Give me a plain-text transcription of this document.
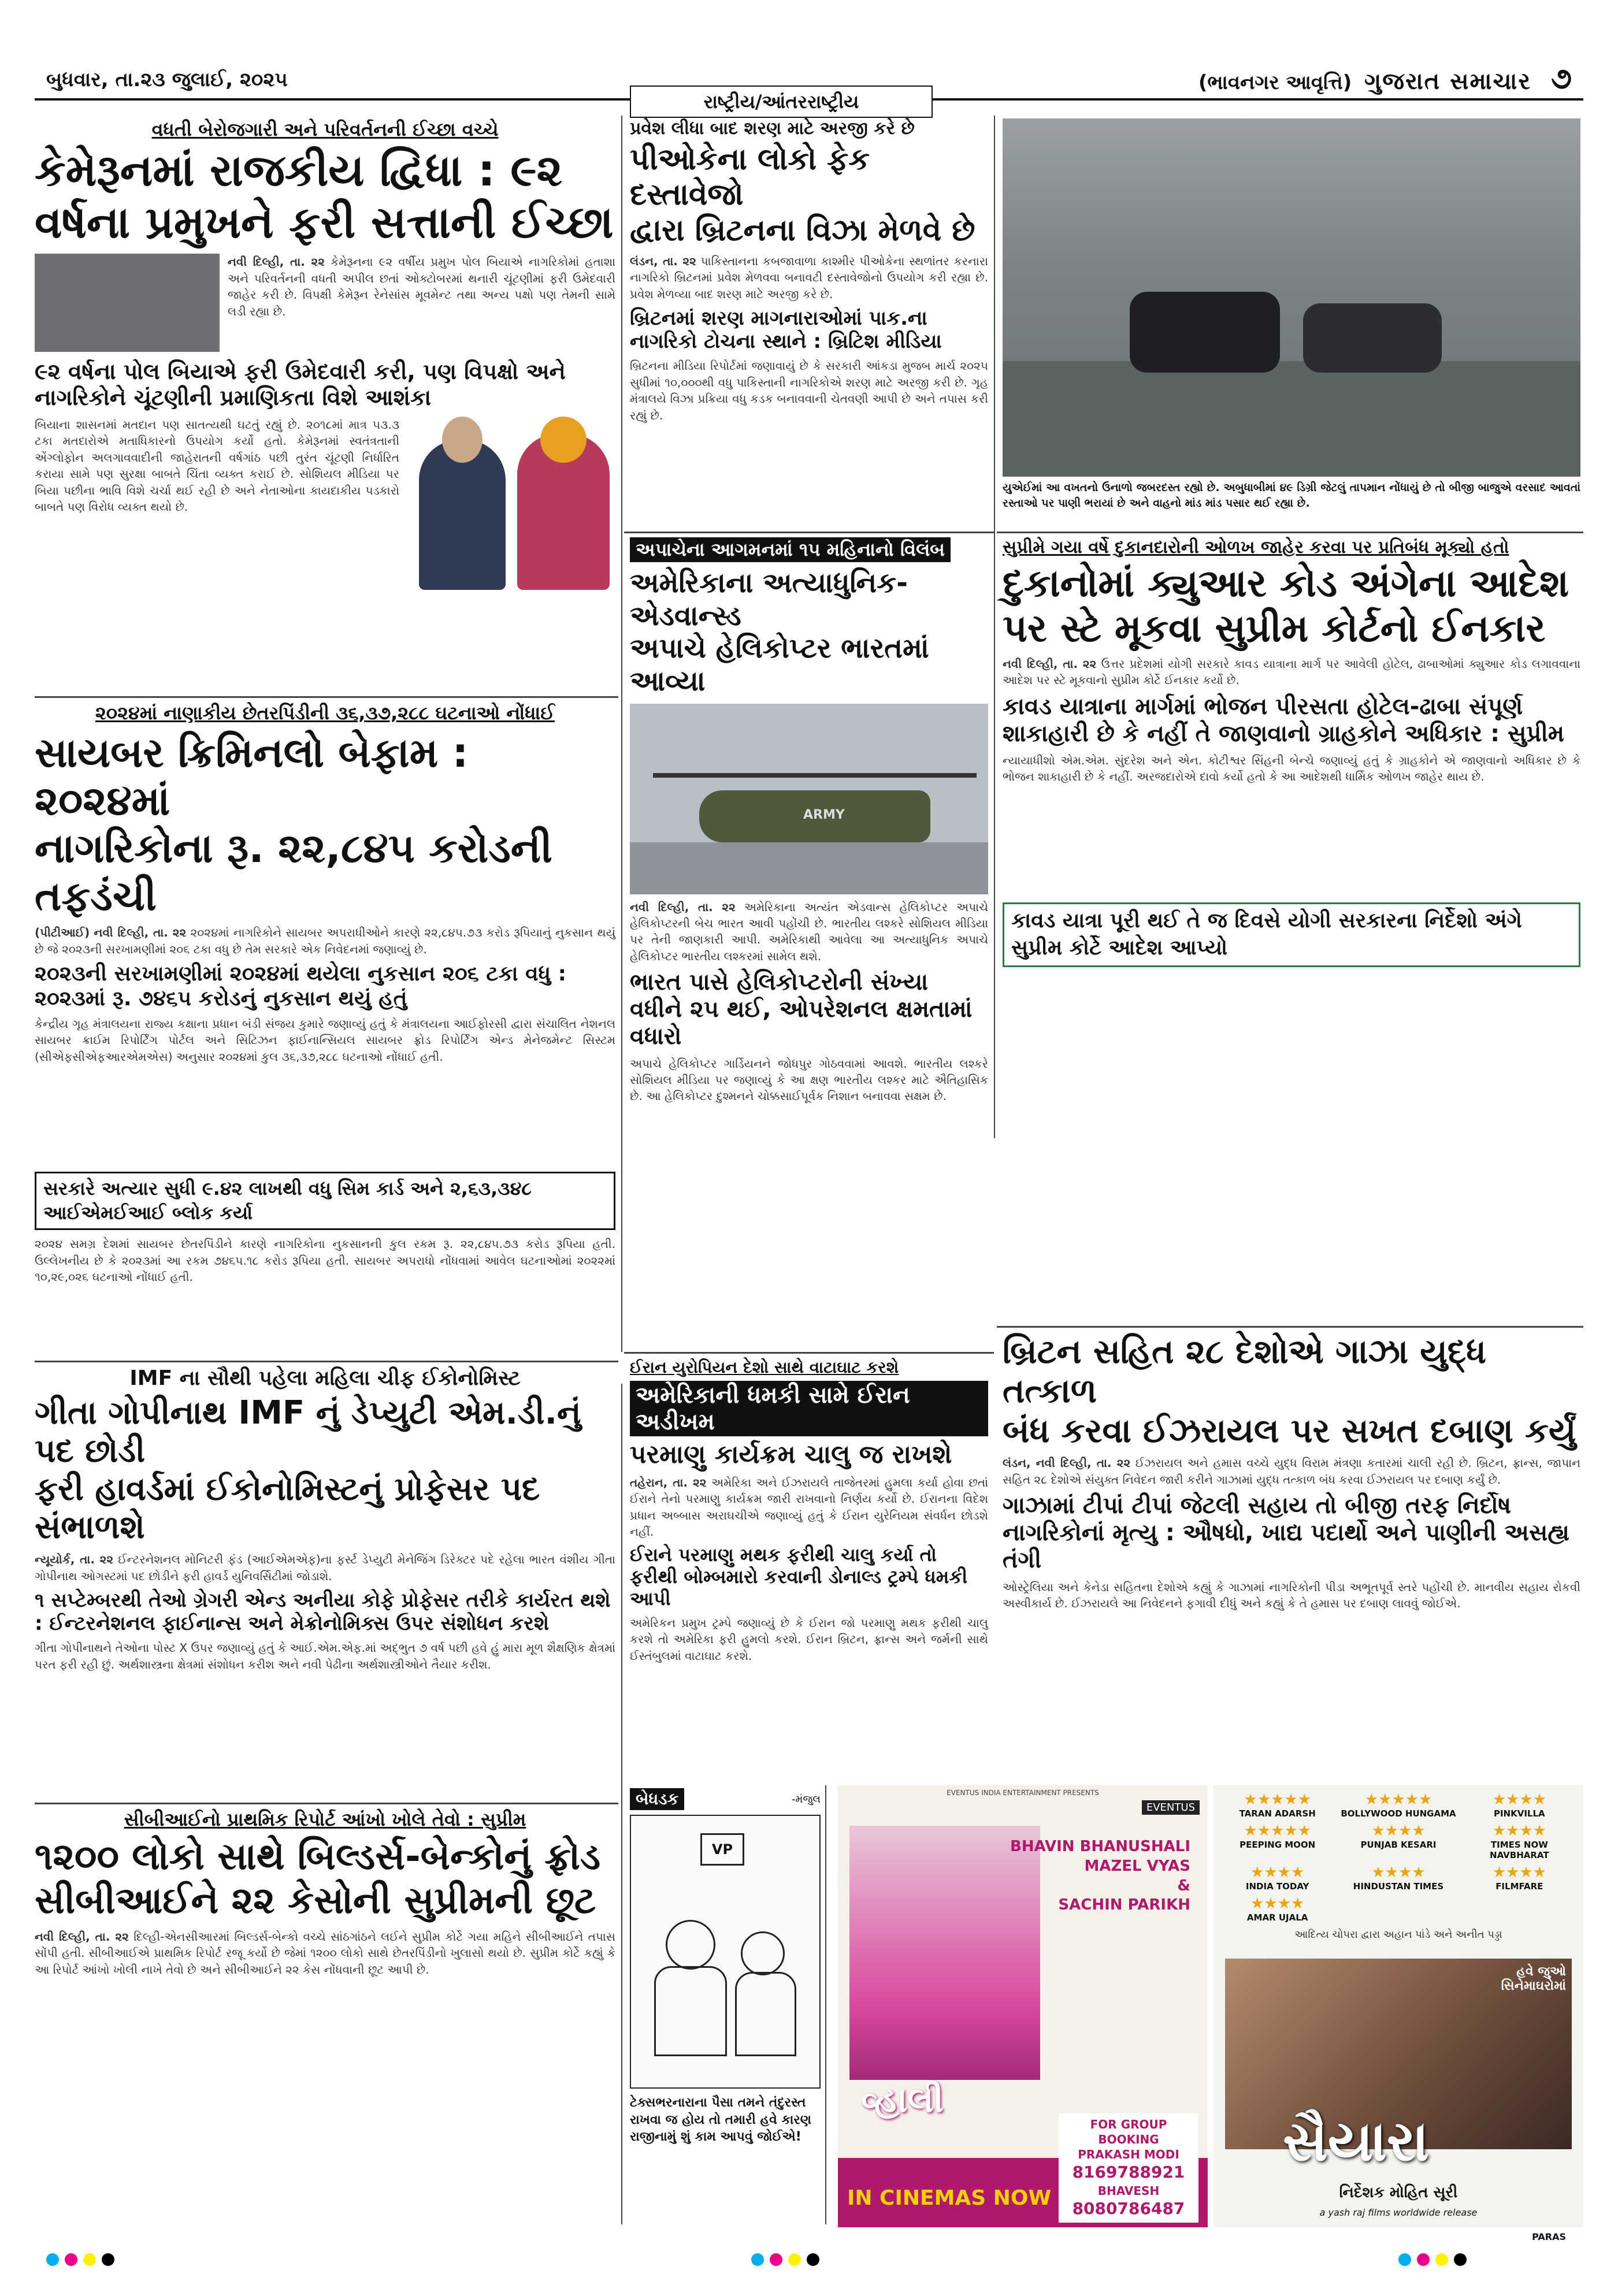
બુધવાર, તા.૨૩ જુલાઈ, ૨૦૨૫	(ભાવનગર આવૃત્તિ) ગુજરાત સમાચાર ૭
રાષ્ટ્રીય/આંતરરાષ્ટ્રીય
વધતી બેરોજગારી અને પરિવર્તનની ઈચ્છા વચ્ચે
કેમેરૂનમાં રાજકીય દ્વિધા : ૯૨
વર્ષના પ્રમુખને ફરી સત્તાની ઈચ્છા
નવી દિલ્હી, તા. ૨૨ કેમેરૂનના ૯૨ વર્ષીય પ્રમુખ પોલ બિયાએ નાગરિકોમાં હતાશા અને પરિવર્તનની વધતી અપીલ છતાં ઓક્ટોબરમાં થનારી ચૂંટણીમાં ફરી ઉમેદવારી જાહેર કરી છે. વિપક્ષી કેમેરૂન રેનેસાંસ મૂવમેન્ટ તથા અન્ય પક્ષો પણ તેમની સામે લડી રહ્યા છે.
૯૨ વર્ષના પોલ બિયાએ ફરી ઉમેદવારી કરી, પણ વિપક્ષો અને નાગરિકોને ચૂંટણીની પ્રમાણિકતા વિશે આશંકા
બિયાના શાસનમાં મતદાન પણ સાતત્યથી ઘટતું રહ્યું છે. ૨૦૧૮માં માત્ર ૫૩.૩ ટકા મતદારોએ મતાધિકારનો ઉપયોગ કર્યો હતો. કેમેરૂનમાં સ્વતંત્રતાની એંગ્લોફોન અલગાવવાદીની જાહેરાતની વર્ષગાંઠ પછી તુરંત ચૂંટણી નિર્ધારિત કરાયા સામે પણ સુરક્ષા બાબતે ચિંતા વ્યક્ત કરાઈ છે. સોશિયલ મીડિયા પર બિયા પછીના ભાવિ વિશે ચર્ચા થઈ રહી છે અને નેતાઓના કાયદાકીય પડકારો બાબતે પણ વિરોધ વ્યક્ત થયો છે.
૨૦૨૪માં નાણાકીય છેતરપિંડીની ૩૬,૩૭,૨૮૮ ઘટનાઓ નોંધાઈ
સાયબર ક્રિમિનલો બેફામ : ૨૦૨૪માં
નાગરિકોના રૂ. ૨૨,૮૪૫ કરોડની તફડંચી
(પીટીઆઈ) નવી દિલ્હી, તા. ૨૨ ૨૦૨૪માં નાગરિકોને સાયબર અપરાધીઓને કારણે ૨૨,૮૪૫.૭૩ કરોડ રૂપિયાનું નુકસાન થયું છે જે ૨૦૨૩ની સરખામણીમાં ૨૦૬ ટકા વધુ છે તેમ સરકારે એક નિવેદનમાં જણાવ્યું છે.
૨૦૨૩ની સરખામણીમાં ૨૦૨૪માં થયેલા નુકસાન ૨૦૬ ટકા વધુ : ૨૦૨૩માં રૂ. ૭૪૬૫ કરોડનું નુકસાન થયું હતું
કેન્દ્રીય ગૃહ મંત્રાલયના રાજ્ય કક્ષાના પ્રધાન બંડી સંજય કુમારે જણાવ્યું હતું કે મંત્રાલયના આઈફોરસી દ્વારા સંચાલિત નેશનલ સાયબર ક્રાઈમ રિપોર્ટિંગ પોર્ટલ અને સિટિઝન ફાઈનાન્સિયલ સાયબર ફ્રોડ રિપોર્ટિંગ એન્ડ મેનેજમેન્ટ સિસ્ટમ (સીએફસીએફઆરએમએસ) અનુસાર ૨૦૨૪માં કુલ ૩૬,૩૭,૨૮૮ ઘટનાઓ નોંધાઈ હતી.
સરકારે અત્યાર સુધી ૯.૪૨ લાખથી વધુ સિમ કાર્ડ અને ૨,૬૩,૩૪૮ આઈએમઈઆઈ બ્લોક કર્યા
૨૦૨૪ સમગ્ર દેશમાં સાયબર છેતરપિંડીને કારણે નાગરિકોના નુકસાનની કુલ રકમ રૂ. ૨૨,૮૪૫.૭૩ કરોડ રૂપિયા હતી. ઉલ્લેખનીય છે કે ૨૦૨૩માં આ રકમ ૭૪૬૫.૧૮ કરોડ રૂપિયા હતી. સાયબર અપરાધો નોંધવામાં આવેલ ઘટનાઓમાં ૨૦૨૨માં ૧૦,૨૯,૦૨૬ ઘટનાઓ નોંધાઈ હતી.
IMF ના સૌથી પહેલા મહિલા ચીફ ઈકોનોમિસ્ટ
ગીતા ગોપીનાથ IMF નું ડેપ્યુટી એમ.ડી.નું પદ છોડી
ફરી હાવર્ડમાં ઈકોનોમિસ્ટનું પ્રોફેસર પદ સંભાળશે
ન્યૂયોર્ક, તા. ૨૨ ઈન્ટરનેશનલ મોનિટરી ફંડ (આઈએમએફ)ના ફર્સ્ટ ડેપ્યુટી મેનેજિંગ ડિરેક્ટર પદે રહેલા ભારત વંશીય ગીતા ગોપીનાથ ઓગસ્ટમાં પદ છોડીને ફરી હાવર્ડ યુનિવર્સિટીમાં જોડાશે.
૧ સપ્ટેમ્બરથી તેઓ ગ્રેગરી એન્ડ અનીયા કોફે પ્રોફેસર તરીકે કાર્યરત થશે : ઈન્ટરનેશનલ ફાઈનાન્સ અને મેક્રોનોમિક્સ ઉપર સંશોધન કરશે
ગીતા ગોપીનાથને તેઓના પોસ્ટ X ઉપર જણાવ્યું હતું કે આઈ.એમ.એફ.માં અદ્ભુત ૭ વર્ષ પછી હવે હું મારા મૂળ શૈક્ષણિક ક્ષેત્રમાં પરત ફરી રહી છું. અર્થશાસ્ત્રના ક્ષેત્રમાં સંશોધન કરીશ અને નવી પેઢીના અર્થશાસ્ત્રીઓને તૈયાર કરીશ.
સીબીઆઈનો પ્રાથમિક રિપોર્ટ આંખો ખોલે તેવો : સુપ્રીમ
૧૨૦૦ લોકો સાથે બિલ્ડર્સ-બેન્કોનું ફ્રોડ
સીબીઆઈને ૨૨ કેસોની સુપ્રીમની છૂટ
નવી દિલ્હી, તા. ૨૨ દિલ્હી-એનસીઆરમાં બિલ્ડર્સ-બેન્કો વચ્ચે સાંઠગાંઠને લઈને સુપ્રીમ કોર્ટે ગયા મહિને સીબીઆઈને તપાસ સોંપી હતી. સીબીઆઈએ પ્રાથમિક રિપોર્ટ રજૂ કર્યો છે જેમાં ૧૨૦૦ લોકો સાથે છેતરપિંડીનો ખુલાસો થયો છે. સુપ્રીમ કોર્ટે કહ્યું કે આ રિપોર્ટ આંખો ખોલી નાખે તેવો છે અને સીબીઆઈને ૨૨ કેસ નોંધવાની છૂટ આપી છે.
પ્રવેશ લીધા બાદ શરણ માટે અરજી કરે છે
પીઓકેના લોકો ફેક દસ્તાવેજો
દ્વારા બ્રિટનના વિઝા મેળવે છે
લંડન, તા. ૨૨ પાકિસ્તાનના કબજાવાળા કાશ્મીર પીઓકેના સ્થળાંતર કરનારા નાગરિકો બ્રિટનમાં પ્રવેશ મેળવવા બનાવટી દસ્તાવેજોનો ઉપયોગ કરી રહ્યા છે. પ્રવેશ મેળવ્યા બાદ શરણ માટે અરજી કરે છે.
બ્રિટનમાં શરણ માગનારાઓમાં પાક.ના નાગરિકો ટોચના સ્થાને : બ્રિટિશ મીડિયા
બ્રિટનના મીડિયા રિપોર્ટમાં જણાવાયું છે કે સરકારી આંકડા મુજબ માર્ચ ૨૦૨૫ સુધીમાં ૧૦,૦૦૦થી વધુ પાકિસ્તાની નાગરિકોએ શરણ માટે અરજી કરી છે. ગૃહ મંત્રાલયે વિઝા પ્રક્રિયા વધુ કડક બનાવવાની ચેતવણી આપી છે અને તપાસ કરી રહ્યું છે.
અપાચેના આગમનમાં ૧૫ મહિનાનો વિલંબ
અમેરિકાના અત્યાધુનિક-એડવાન્સ્ડ
અપાચે હેલિકોપ્ટર ભારતમાં આવ્યા
ARMY
નવી દિલ્હી, તા. ૨૨ અમેરિકાના અત્યંત એડવાન્સ હેલિકોપ્ટર અપાચે હેલિકોપ્ટરની બેચ ભારત આવી પહોંચી છે. ભારતીય લશ્કરે સોશિયલ મીડિયા પર તેની જાણકારી આપી. અમેરિકાથી આવેલા આ અત્યાધુનિક અપાચે હેલિકોપ્ટર ભારતીય લશ્કરમાં સામેલ થશે.
ભારત પાસે હેલિકોપ્ટરોની સંખ્યા વધીને ૨૫ થઈ, ઓપરેશનલ ક્ષમતામાં વધારો
અપાચે હેલિકોપ્ટર ગાર્ડિયનને જોધપુર ગોઠવવામાં આવશે. ભારતીય લશ્કરે સોશિયલ મીડિયા પર જણાવ્યું કે આ ક્ષણ ભારતીય લશ્કર માટે ઐતિહાસિક છે. આ હેલિકોપ્ટર દુશ્મનને ચોક્કસાઈપૂર્વક નિશાન બનાવવા સક્ષમ છે.
ઈરાન યુરોપિયન દેશો સાથે વાટાઘાટ કરશે
અમેરિકાની ધમકી સામે ઈરાન અડીખમ
પરમાણુ કાર્યક્રમ ચાલુ જ રાખશે
તહેરાન, તા. ૨૨ અમેરિકા અને ઈઝરાયલે તાજેતરમાં હુમલા કર્યા હોવા છતાં ઈરાને તેનો પરમાણુ કાર્યક્રમ જારી રાખવાનો નિર્ણય કર્યો છે. ઈરાનના વિદેશ પ્રધાન અબ્બાસ અરાઘચીએ જણાવ્યું હતું કે ઈરાન યુરેનિયમ સંવર્ધન છોડશે નહીં.
ઈરાને પરમાણુ મથક ફરીથી ચાલુ કર્યા તો ફરીથી બોમ્બમારો કરવાની ડોનાલ્ડ ટ્રમ્પે ધમકી આપી
અમેરિકન પ્રમુખ ટ્રમ્પે જણાવ્યું છે કે ઈરાન જો પરમાણુ મથક ફરીથી ચાલુ કરશે તો અમેરિકા ફરી હુમલો કરશે. ઈરાન બ્રિટન, ફ્રાન્સ અને જર્મની સાથે ઈસ્તંબુલમાં વાટાઘાટ કરશે.
બેધડક	-મંજુલ
VP
ટેક્સભરનારાના પૈસા તમને તંદુરસ્ત રાખવા જ હોય તો તમારી હવે કારણ રાજીનામું શું કામ આપવું જોઈએ!
યુએઈમાં આ વખતનો ઉનાળો જબરદસ્ત રહ્યો છે. અબુધાબીમાં ૪૯ ડિગ્રી જેટલું તાપમાન નોંધાયું છે તો બીજી બાજુએ વરસાદ આવતાં રસ્તાઓ પર પાણી ભરાયાં છે અને વાહનો માંડ માંડ પસાર થઈ રહ્યા છે.
સુપ્રીમે ગયા વર્ષે દુકાનદારોની ઓળખ જાહેર કરવા પર પ્રતિબંધ મૂક્યો હતો
દુકાનોમાં ક્યુઆર કોડ અંગેના આદેશ
પર સ્ટે મૂકવા સુપ્રીમ કોર્ટનો ઈનકાર
નવી દિલ્હી, તા. ૨૨ ઉત્તર પ્રદેશમાં યોગી સરકારે કાવડ યાત્રાના માર્ગ પર આવેલી હોટેલ, ઢાબાઓમાં ક્યુઆર કોડ લગાવવાના આદેશ પર સ્ટે મૂકવાનો સુપ્રીમ કોર્ટે ઈનકાર કર્યો છે.
કાવડ યાત્રાના માર્ગમાં ભોજન પીરસતા હોટેલ-ઢાબા સંપૂર્ણ શાકાહારી છે કે નહીં તે જાણવાનો ગ્રાહકોને અધિકાર : સુપ્રીમ
ન્યાયાધીશો એમ.એમ. સુંદરેશ અને એન. કોટીશ્વર સિંહની બેન્ચે જણાવ્યું હતું કે ગ્રાહકોને એ જાણવાનો અધિકાર છે કે ભોજન શાકાહારી છે કે નહીં. અરજદારોએ દાવો કર્યો હતો કે આ આદેશથી ધાર્મિક ઓળખ જાહેર થાય છે.
કાવડ યાત્રા પૂરી થઈ તે જ દિવસે યોગી સરકારના નિર્દેશો અંગે સુપ્રીમ કોર્ટે આદેશ આપ્યો
બ્રિટન સહિત ૨૮ દેશોએ ગાઝા યુદ્ધ તત્કાળ
બંધ કરવા ઈઝરાયલ પર સખત દબાણ કર્યું
લંડન, નવી દિલ્હી, તા. ૨૨ ઈઝરાયલ અને હમાસ વચ્ચે યુદ્ધ વિરામ મંત્રણા કતારમાં ચાલી રહી છે. બ્રિટન, ફ્રાન્સ, જાપાન સહિત ૨૮ દેશોએ સંયુક્ત નિવેદન જારી કરીને ગાઝામાં યુદ્ધ તત્કાળ બંધ કરવા ઈઝરાયલ પર દબાણ કર્યું છે.
ગાઝામાં ટીપાં ટીપાં જેટલી સહાય તો બીજી તરફ નિર્દોષ નાગરિકોનાં મૃત્યુ : ઔષધો, ખાદ્ય પદાર્થો અને પાણીની અસહ્ય તંગી
ઓસ્ટ્રેલિયા અને કેનેડા સહિતના દેશોએ કહ્યું કે ગાઝામાં નાગરિકોની પીડા અભૂતપૂર્વ સ્તરે પહોંચી છે. માનવીય સહાય રોકવી અસ્વીકાર્ય છે. ઈઝરાયલે આ નિવેદનને ફગાવી દીધું અને કહ્યું કે તે હમાસ પર દબાણ લાવવું જોઈએ.
EVENTUS INDIA ENTERTAINMENT PRESENTS
EVENTUS
BHAVIN BHANUSHALI
MAZEL VYAS
&
SACHIN PARIKH
વ્હાલી
IN CINEMAS NOW
FOR GROUP BOOKING
PRAKASH MODI
8169788921
BHAVESH
8080786487
★★★★★
TARAN ADARSH
★★★★★
BOLLYWOOD HUNGAMA
★★★★
PINKVILLA
★★★★★
PEEPING MOON
★★★★
PUNJAB KESARI
★★★★
TIMES NOW NAVBHARAT
★★★★
INDIA TODAY
★★★★
HINDUSTAN TIMES
★★★★
FILMFARE
★★★★
AMAR UJALA
આદિત્ય ચોપરા દ્વારા અહાન પાંડે અને અનીત પડ્ડા
હવે જુઓ સિનેમાઘરોમાં
સૈયારા
નિર્દેશક મોહિત સૂરી
a yash raj films worldwide release
PARAS
